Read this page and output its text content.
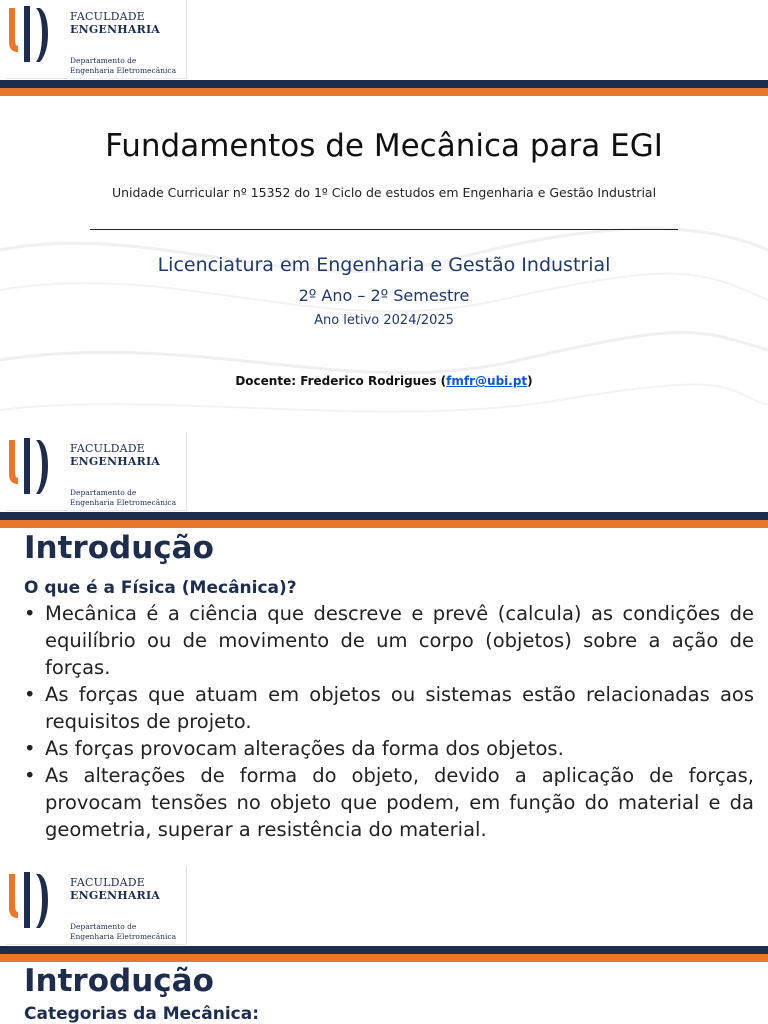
FACULDADE
ENGENHARIA
Departamento de
Engenharia Eletromecânica
Fundamentos de Mecânica para EGI
Unidade Curricular nº 15352 do 1º Ciclo de estudos em Engenharia e Gestão Industrial
Licenciatura em Engenharia e Gestão Industrial
2º Ano – 2º Semestre
Ano letivo 2024/2025
Docente: Frederico Rodrigues (fmfr@ubi.pt)
FACULDADE
ENGENHARIA
Departamento de
Engenharia Eletromecânica
Introdução
O que é a Física (Mecânica)?
• Mecânica é a ciência que descreve e prevê (calcula) as condições de equilíbrio ou de movimento de um corpo (objetos) sobre a ação de forças.
• As forças que atuam em objetos ou sistemas estão relacionadas aos requisitos de projeto.
• As forças provocam alterações da forma dos objetos.
• As alterações de forma do objeto, devido a aplicação de forças, provocam tensões no objeto que podem, em função do material e da geometria, superar a resistência do material.
FACULDADE
ENGENHARIA
Departamento de
Engenharia Eletromecânica
Introdução
Categorias da Mecânica:
